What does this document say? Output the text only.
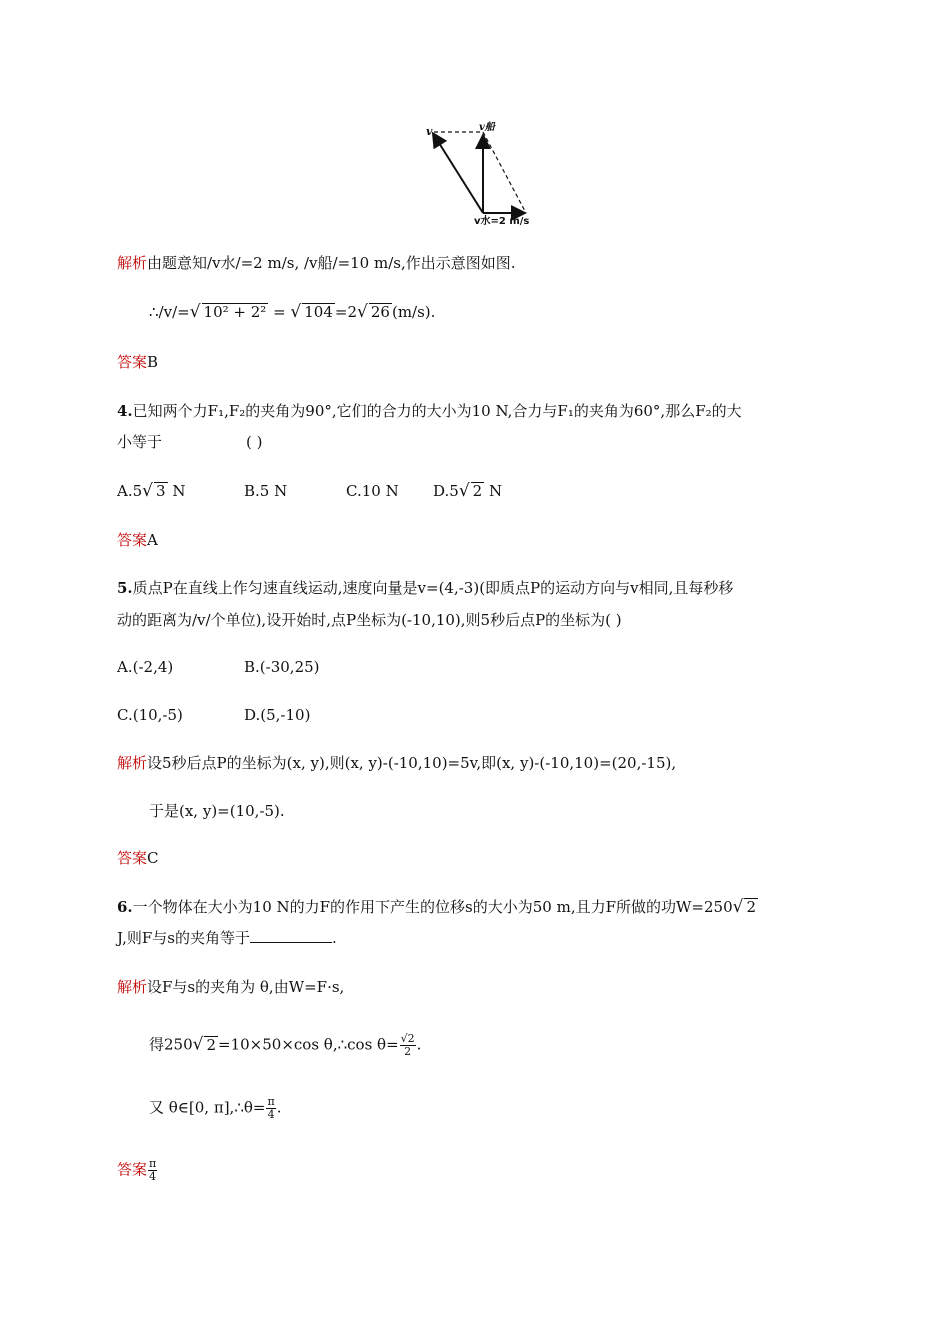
v	v船
v水=2 m/s
解析由题意知/v水/=2 m/s, /v船/=10 m/s,作出示意图如图.
∴/v/=√ 10² + 2² = √ 104 =2√ 26 (m/s).
答案B
4.已知两个力F₁,F₂的夹角为90°,它们的合力的大小为10 N,合力与F₁的夹角为60°,那么F₂的大
小等于	( )
A.5√ 3 N	B.5 N	C.10 N D.5√ 2 N
答案A
5.质点P在直线上作匀速直线运动,速度向量是v=(4,-3)(即质点P的运动方向与v相同,且每秒移
动的距离为/v/个单位),设开始时,点P坐标为(-10,10),则5秒后点P的坐标为( )
A.(-2,4)	B.(-30,25)
C.(10,-5)	D.(5,-10)
解析设5秒后点P的坐标为(x, y),则(x, y)-(-10,10)=5v,即(x, y)-(-10,10)=(20,-15),
于是(x, y)=(10,-5).
答案C
6.一个物体在大小为10 N的力F的作用下产生的位移s的大小为50 m,且力F所做的功W=250√ 2
J,则F与s的夹角等于	.
解析设F与s的夹角为 θ,由W=F·s,
得250√ 2 =10×50×cos θ,∴cos $\theta= \frac{√2}{2}$ .
又 θ∈[0, π],∴θ= $\frac{\pi}{4}$ .
答案 $\frac{\pi}{4}$
